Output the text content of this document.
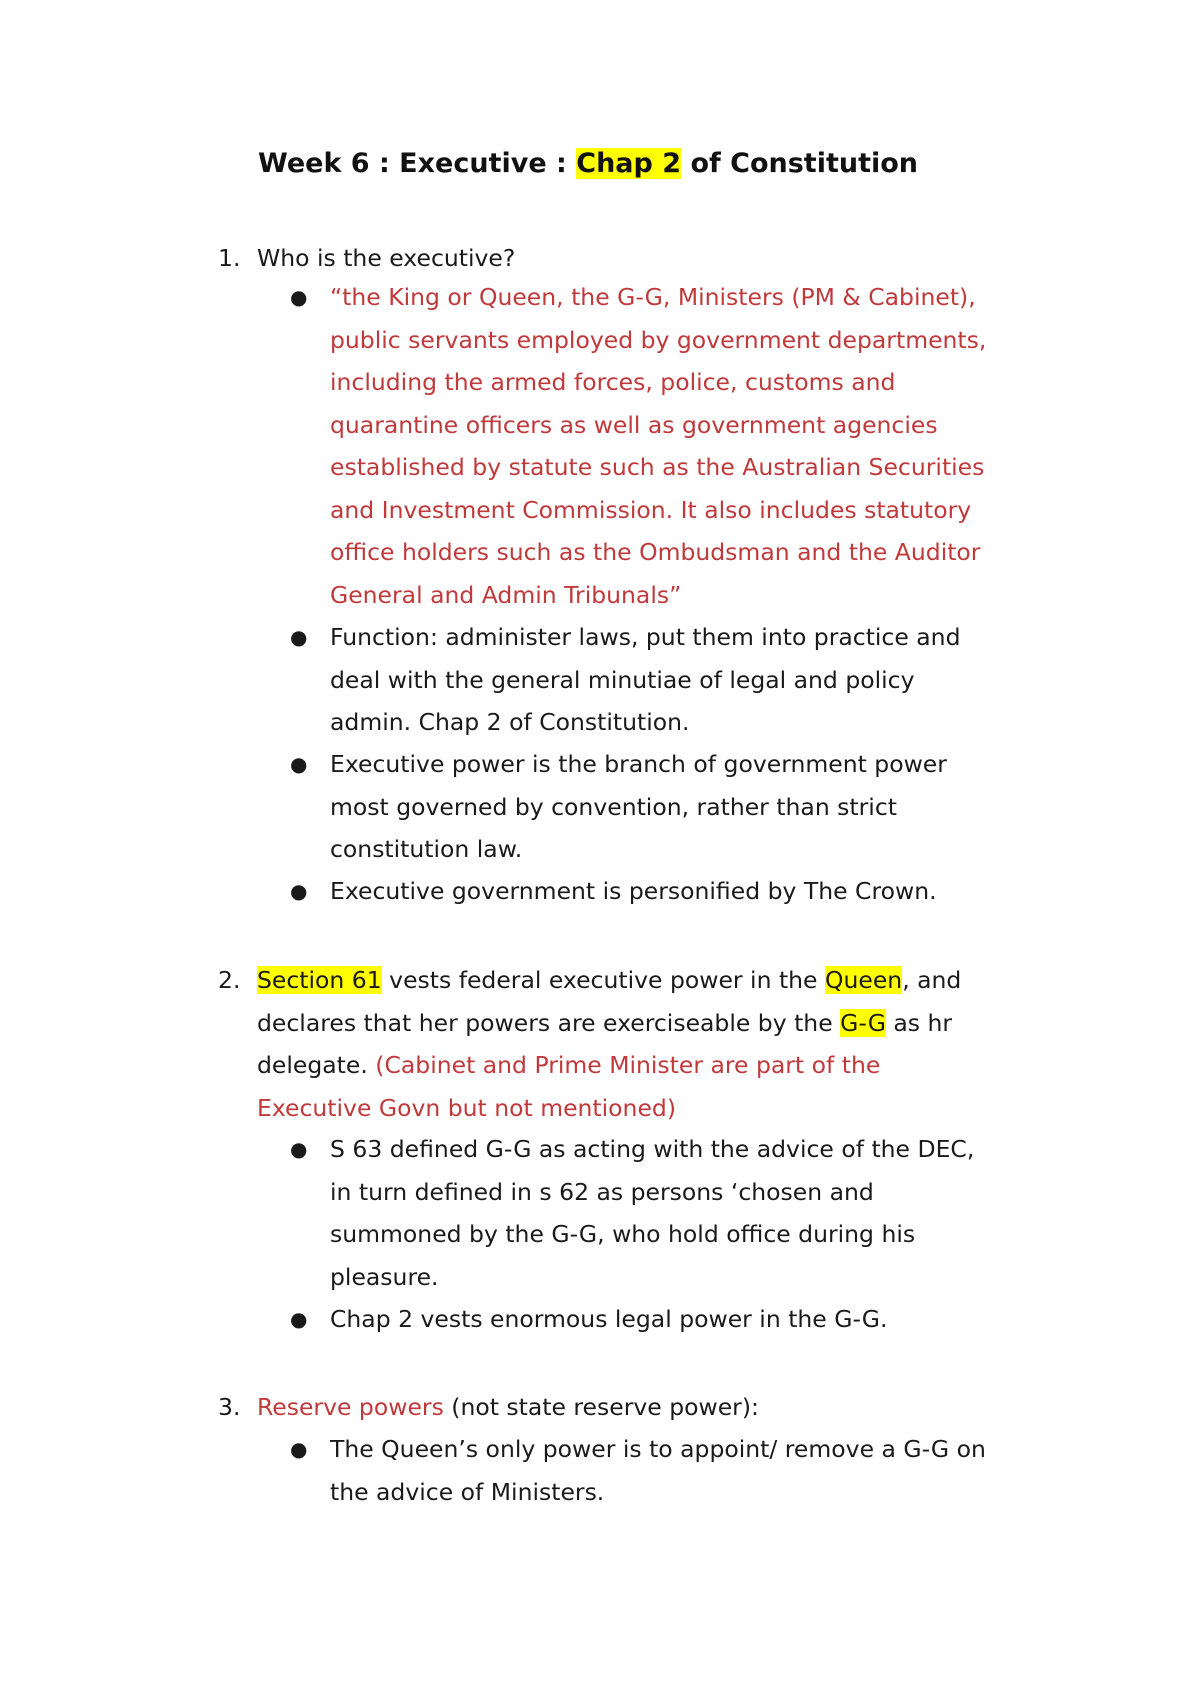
Week 6 : Executive : Chap 2 of Constitution
1. Who is the executive?
● “the King or Queen, the G-G, Ministers (PM & Cabinet),
public servants employed by government departments,
including the armed forces, police, customs and
quarantine officers as well as government agencies
established by statute such as the Australian Securities
and Investment Commission. It also includes statutory
office holders such as the Ombudsman and the Auditor
General and Admin Tribunals”
● Function: administer laws, put them into practice and
deal with the general minutiae of legal and policy
admin. Chap 2 of Constitution.
● Executive power is the branch of government power
most governed by convention, rather than strict
constitution law.
● Executive government is personified by The Crown.
2. Section 61 vests federal executive power in the Queen, and
declares that her powers are exerciseable by the G-G as hr
delegate. (Cabinet and Prime Minister are part of the
Executive Govn but not mentioned)
● S 63 defined G-G as acting with the advice of the DEC,
in turn defined in s 62 as persons ‘chosen and
summoned by the G-G, who hold office during his
pleasure.
● Chap 2 vests enormous legal power in the G-G.
3. Reserve powers (not state reserve power):
● The Queen’s only power is to appoint/ remove a G-G on
the advice of Ministers.
